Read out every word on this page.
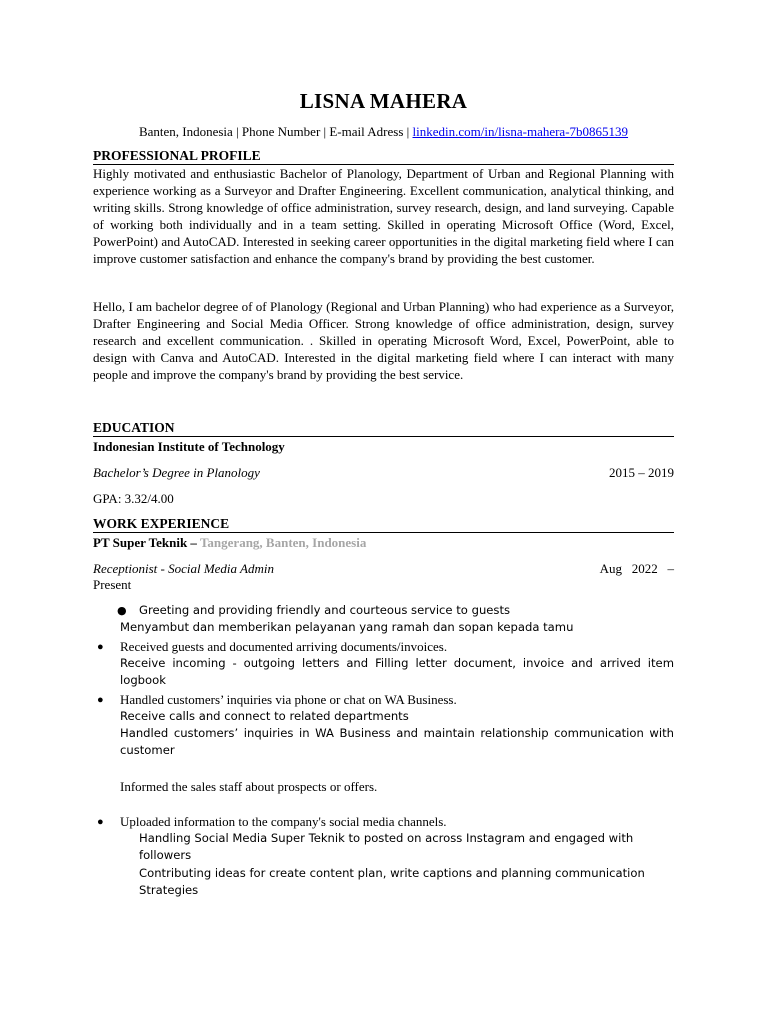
LISNA MAHERA
Banten, Indonesia | Phone Number | E-mail Adress | linkedin.com/in/lisna-mahera-7b0865139
PROFESSIONAL PROFILE

Highly motivated and enthusiastic Bachelor of Planology, Department of Urban and Regional Planning with experience working as a Surveyor and Drafter Engineering. Excellent communication, analytical thinking, and writing skills. Strong knowledge of office administration, survey research, design, and land surveying. Capable of working both individually and in a team setting. Skilled in operating Microsoft Office (Word, Excel, PowerPoint) and AutoCAD. Interested in seeking career opportunities in the digital marketing field where I can improve customer satisfaction and enhance the company's brand by providing the best customer.

Hello, I am bachelor degree of of Planology (Regional and Urban Planning) who had experience as a Surveyor, Drafter Engineering and Social Media Officer. Strong knowledge of office administration, design, survey research and excellent communication. . Skilled in operating Microsoft Word, Excel, PowerPoint, able to design with Canva and AutoCAD. Interested in the digital marketing field where I can interact with many people and improve the company's brand by providing the best service.

EDUCATION
Indonesian Institute of Technology
Bachelor’s Degree in Planology	2015 – 2019
GPA: 3.32/4.00
WORK EXPERIENCE
PT Super Teknik – Tangerang, Banten, Indonesia
Receptionist - Social Media Admin	Aug   2022   –
Present
● Greeting and providing friendly and courteous service to guests
Menyambut dan memberikan pelayanan yang ramah dan sopan kepada tamu
● Received guests and documented arriving documents/invoices.
Receive incoming - outgoing letters and Filling letter document, invoice and arrived item logbook
● Handled customers’ inquiries via phone or chat on WA Business.
Receive calls and connect to related departments
Handled customers’ inquiries in WA Business and maintain relationship communication with customer
Informed the sales staff about prospects or offers.
● Uploaded information to the company's social media channels.
Handling Social Media Super Teknik to posted on across Instagram and engaged with followers
Contributing ideas for create content plan, write captions and planning communication Strategies
